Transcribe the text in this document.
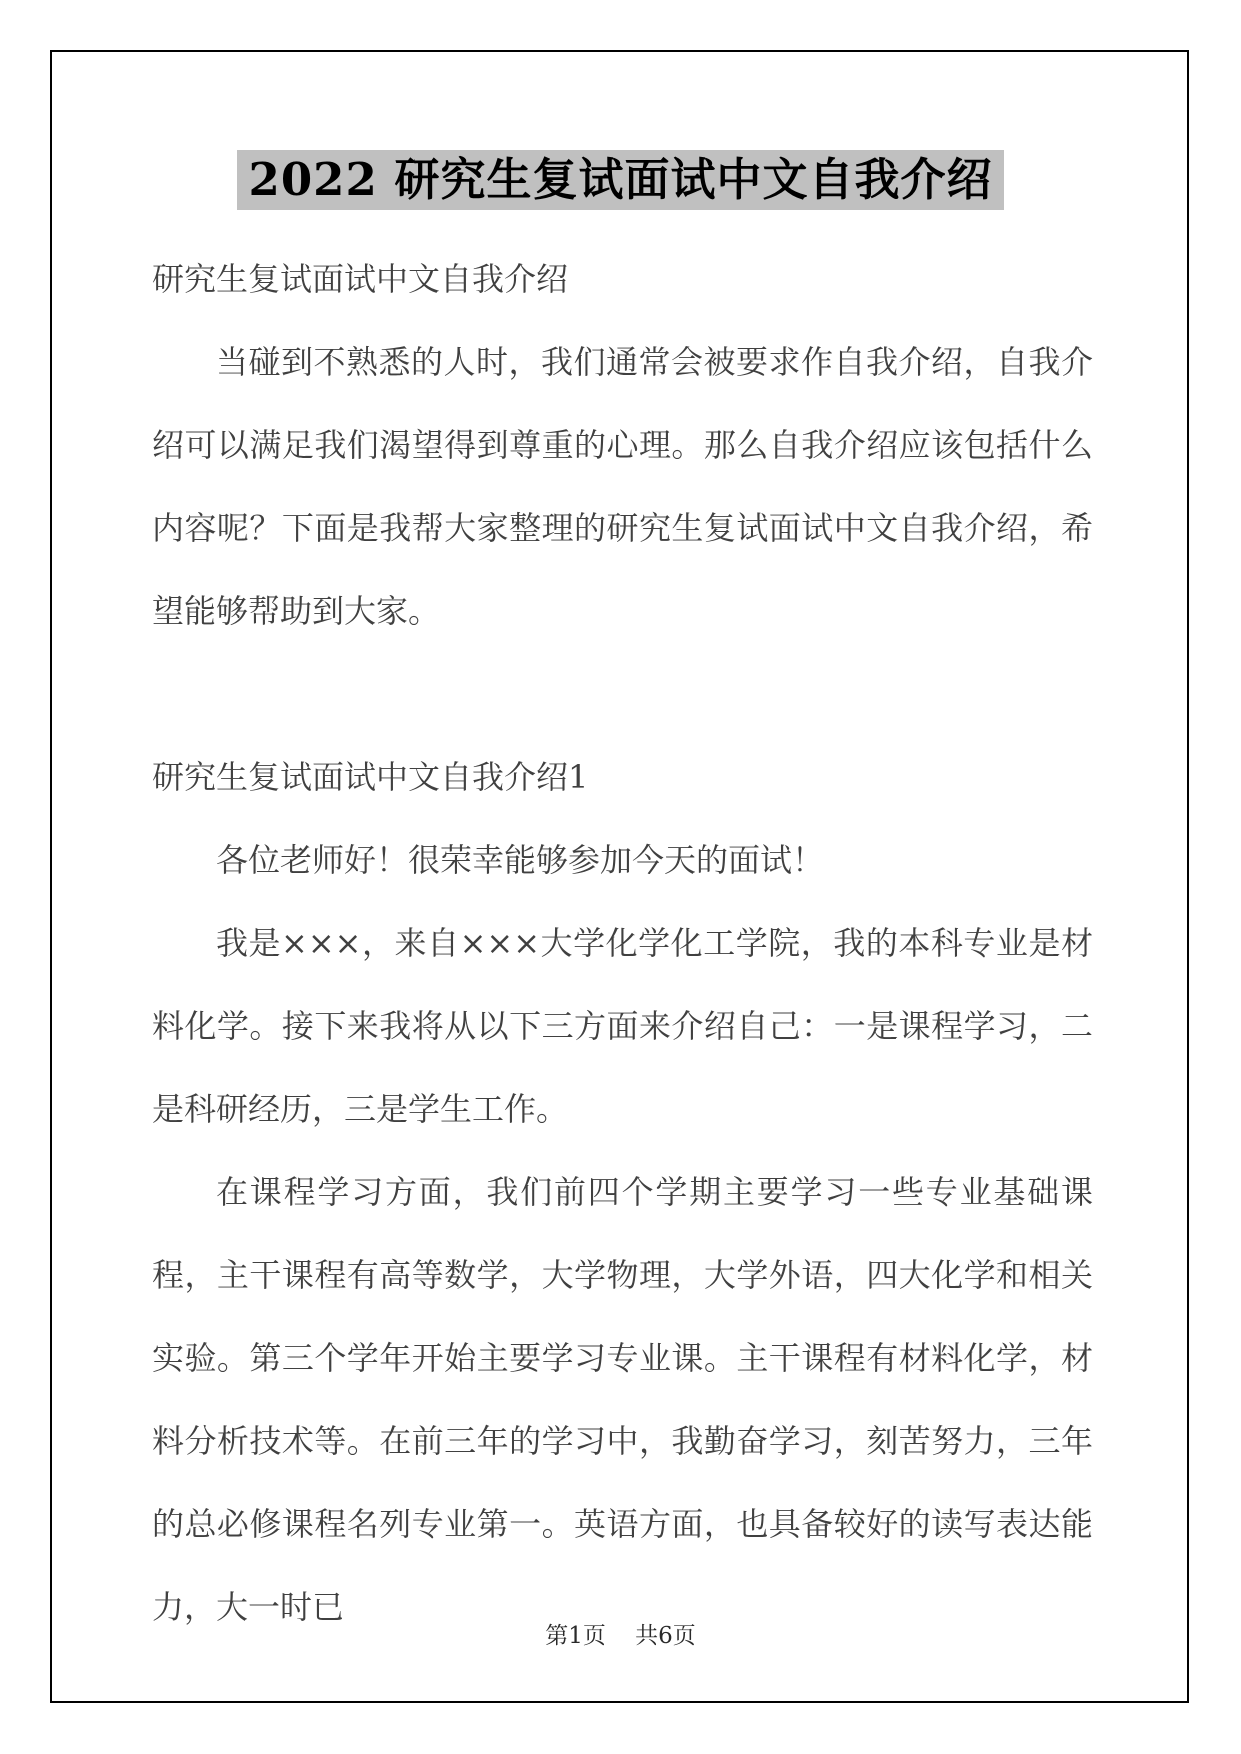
2022 研究生复试面试中文自我介绍

研究生复试面试中文自我介绍

当碰到不熟悉的人时，我们通常会被要求作自我介绍，自我介绍可以满足我们渴望得到尊重的心理。那么自我介绍应该包括什么内容呢？下面是我帮大家整理的研究生复试面试中文自我介绍，希望能够帮助到大家。

研究生复试面试中文自我介绍1

各位老师好！很荣幸能够参加今天的面试！

我是×××，来自×××大学化学化工学院，我的本科专业是材料化学。接下来我将从以下三方面来介绍自己：一是课程学习，二是科研经历，三是学生工作。

在课程学习方面，我们前四个学期主要学习一些专业基础课程，主干课程有高等数学，大学物理，大学外语，四大化学和相关实验。第三个学年开始主要学习专业课。主干课程有材料化学，材料分析技术等。在前三年的学习中，我勤奋学习，刻苦努力，三年的总必修课程名列专业第一。英语方面，也具备较好的读写表达能力，大一时已

第1页 共6页
